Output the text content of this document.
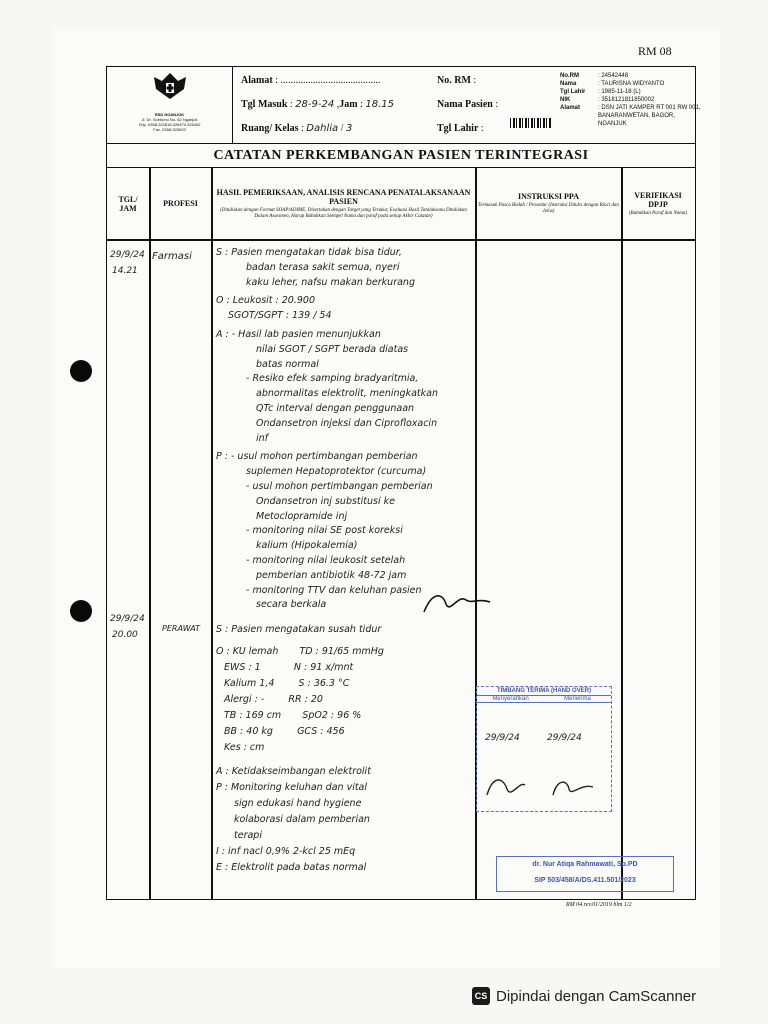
RM 08
No.RM	: 24542448
Nama	: TAURISNA WIDYANTO
Tgl Lahir : 1985-11-18 (L)
NIK	: 3518121811850002
Alamat	: DSN JATI KAMPER RT 001 RW 001,
BANARANWETAN, BAGOR,
NGANJUK
RSD NGANJUK
Jl. Dr. Soetomo No. 62 Nganjuk
Telp. 0358-321818,326474,326452
Fax. 0358-325003
Alamat : ........................................	No. RM :
Tgl Masuk : 28-9-24 ,Jam : 18.15	Nama Pasien :
Ruang/ Kelas : Dahlia / 3	Tgl Lahir :
CATATAN PERKEMBANGAN PASIEN TERINTEGRASI
TGL/ JAM	PROFESI
HASIL PEMERIKSAAN, ANALISIS RENCANA PENATALAKSANAAN PASIEN
(Dituliskan dengan Format SOAP/ADIME, Disertakan dengan Target yang Terukur, Evaluasi Hasil Tatalaksana Dituliskan Dalam Assesmen, Harap Bubuhkan Stempel Nama dan paraf pada setiap Akhir Catatan)
INSTRUKSI PPA
Termasuk Pasca Bedah / Prosedur (Instruksi Ditulis dengan Rinci dan Jelas)
VERIFIKASI DPJP
(Bubuhkan Paraf dan Nama)
29/9/24
14.21
Farmasi	S : Pasien mengatakan tidak bisa tidur,
badan terasa sakit semua, nyeri
kaku leher, nafsu makan berkurang
O : Leukosit : 20.900
SGOT/SGPT : 139 / 54
A : - Hasil lab pasien menunjukkan
nilai SGOT / SGPT berada diatas
batas normal
- Resiko efek samping bradyaritmia,
abnormalitas elektrolit, meningkatkan
QTc interval dengan penggunaan
Ondansetron injeksi dan Ciprofloxacin
inf
P : - usul mohon pertimbangan pemberian
suplemen Hepatoprotektor (curcuma)
- usul mohon pertimbangan pemberian
Ondansetron inj substitusi ke
Metoclopramide inj
- monitoring nilai SE post koreksi
kalium (Hipokalemia)
- monitoring nilai leukosit setelah
pemberian antibiotik 48-72 jam
- monitoring TTV dan keluhan pasien
secara berkala
29/9/24
20.00
PERAWAT S : Pasien mengatakan susah tidur
O : KU lemah       TD : 91/65 mmHg
EWS : 1           N : 91 x/mnt
Kalium 1,4        S : 36.3 °C
Alergi : -        RR : 20
TB : 169 cm       SpO2 : 96 %
BB : 40 kg        GCS : 456
Kes : cm
A : Ketidakseimbangan elektrolit
P : Monitoring keluhan dan vital
sign edukasi hand hygiene
kolaborasi dalam pemberian
terapi
I : inf nacl 0,9% 2-kcl 25 mEq
E : Elektrolit pada batas normal
TIMBANG TERIMA (HAND OVER)
Menyerahkan	Menerima
29/9/24	29/9/24
dr. Nur Atiqa Rahmawati, Sp.PD
SIP 503/458/A/DS.411.501/2023
RM 04.rev.01/2019 hlm 1/2
CS Dipindai dengan CamScanner
